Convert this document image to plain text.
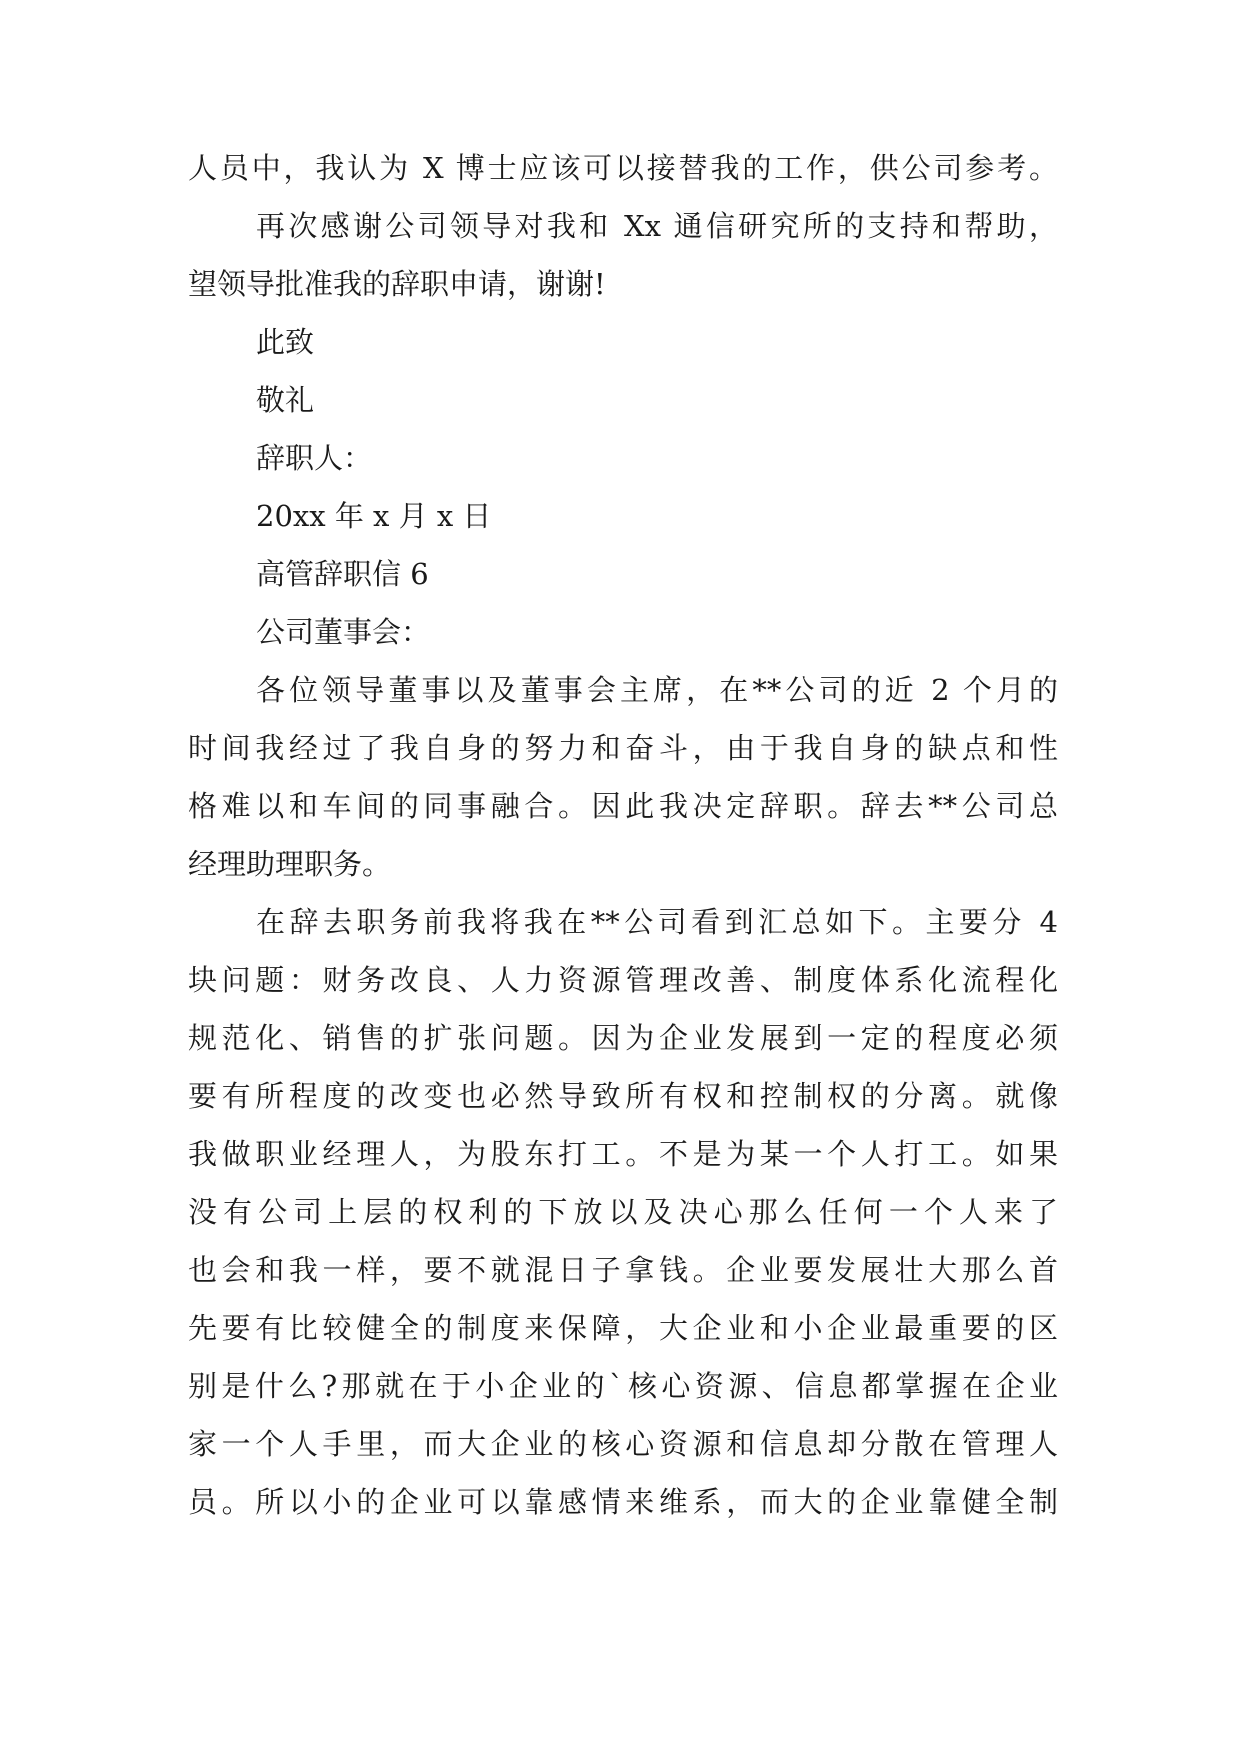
人员中，我认为 X 博士应该可以接替我的工作，供公司参考。
再次感谢公司领导对我和 Xx 通信研究所的支持和帮助，
望领导批准我的辞职申请，谢谢!
此致
敬礼
辞职人：
20xx 年 x 月 x 日
高管辞职信 6
公司董事会：
各位领导董事以及董事会主席，在**公司的近 2 个月的
时间我经过了我自身的努力和奋斗，由于我自身的缺点和性
格难以和车间的同事融合。因此我决定辞职。辞去**公司总
经理助理职务。
在辞去职务前我将我在**公司看到汇总如下。主要分 4
块问题：财务改良、人力资源管理改善、制度体系化流程化
规范化、销售的扩张问题。因为企业发展到一定的程度必须
要有所程度的改变也必然导致所有权和控制权的分离。就像
我做职业经理人，为股东打工。不是为某一个人打工。如果
没有公司上层的权利的下放以及决心那么任何一个人来了
也会和我一样，要不就混日子拿钱。企业要发展壮大那么首
先要有比较健全的制度来保障，大企业和小企业最重要的区
别是什么?那就在于小企业的`核心资源、信息都掌握在企业
家一个人手里，而大企业的核心资源和信息却分散在管理人
员。所以小的企业可以靠感情来维系，而大的企业靠健全制
